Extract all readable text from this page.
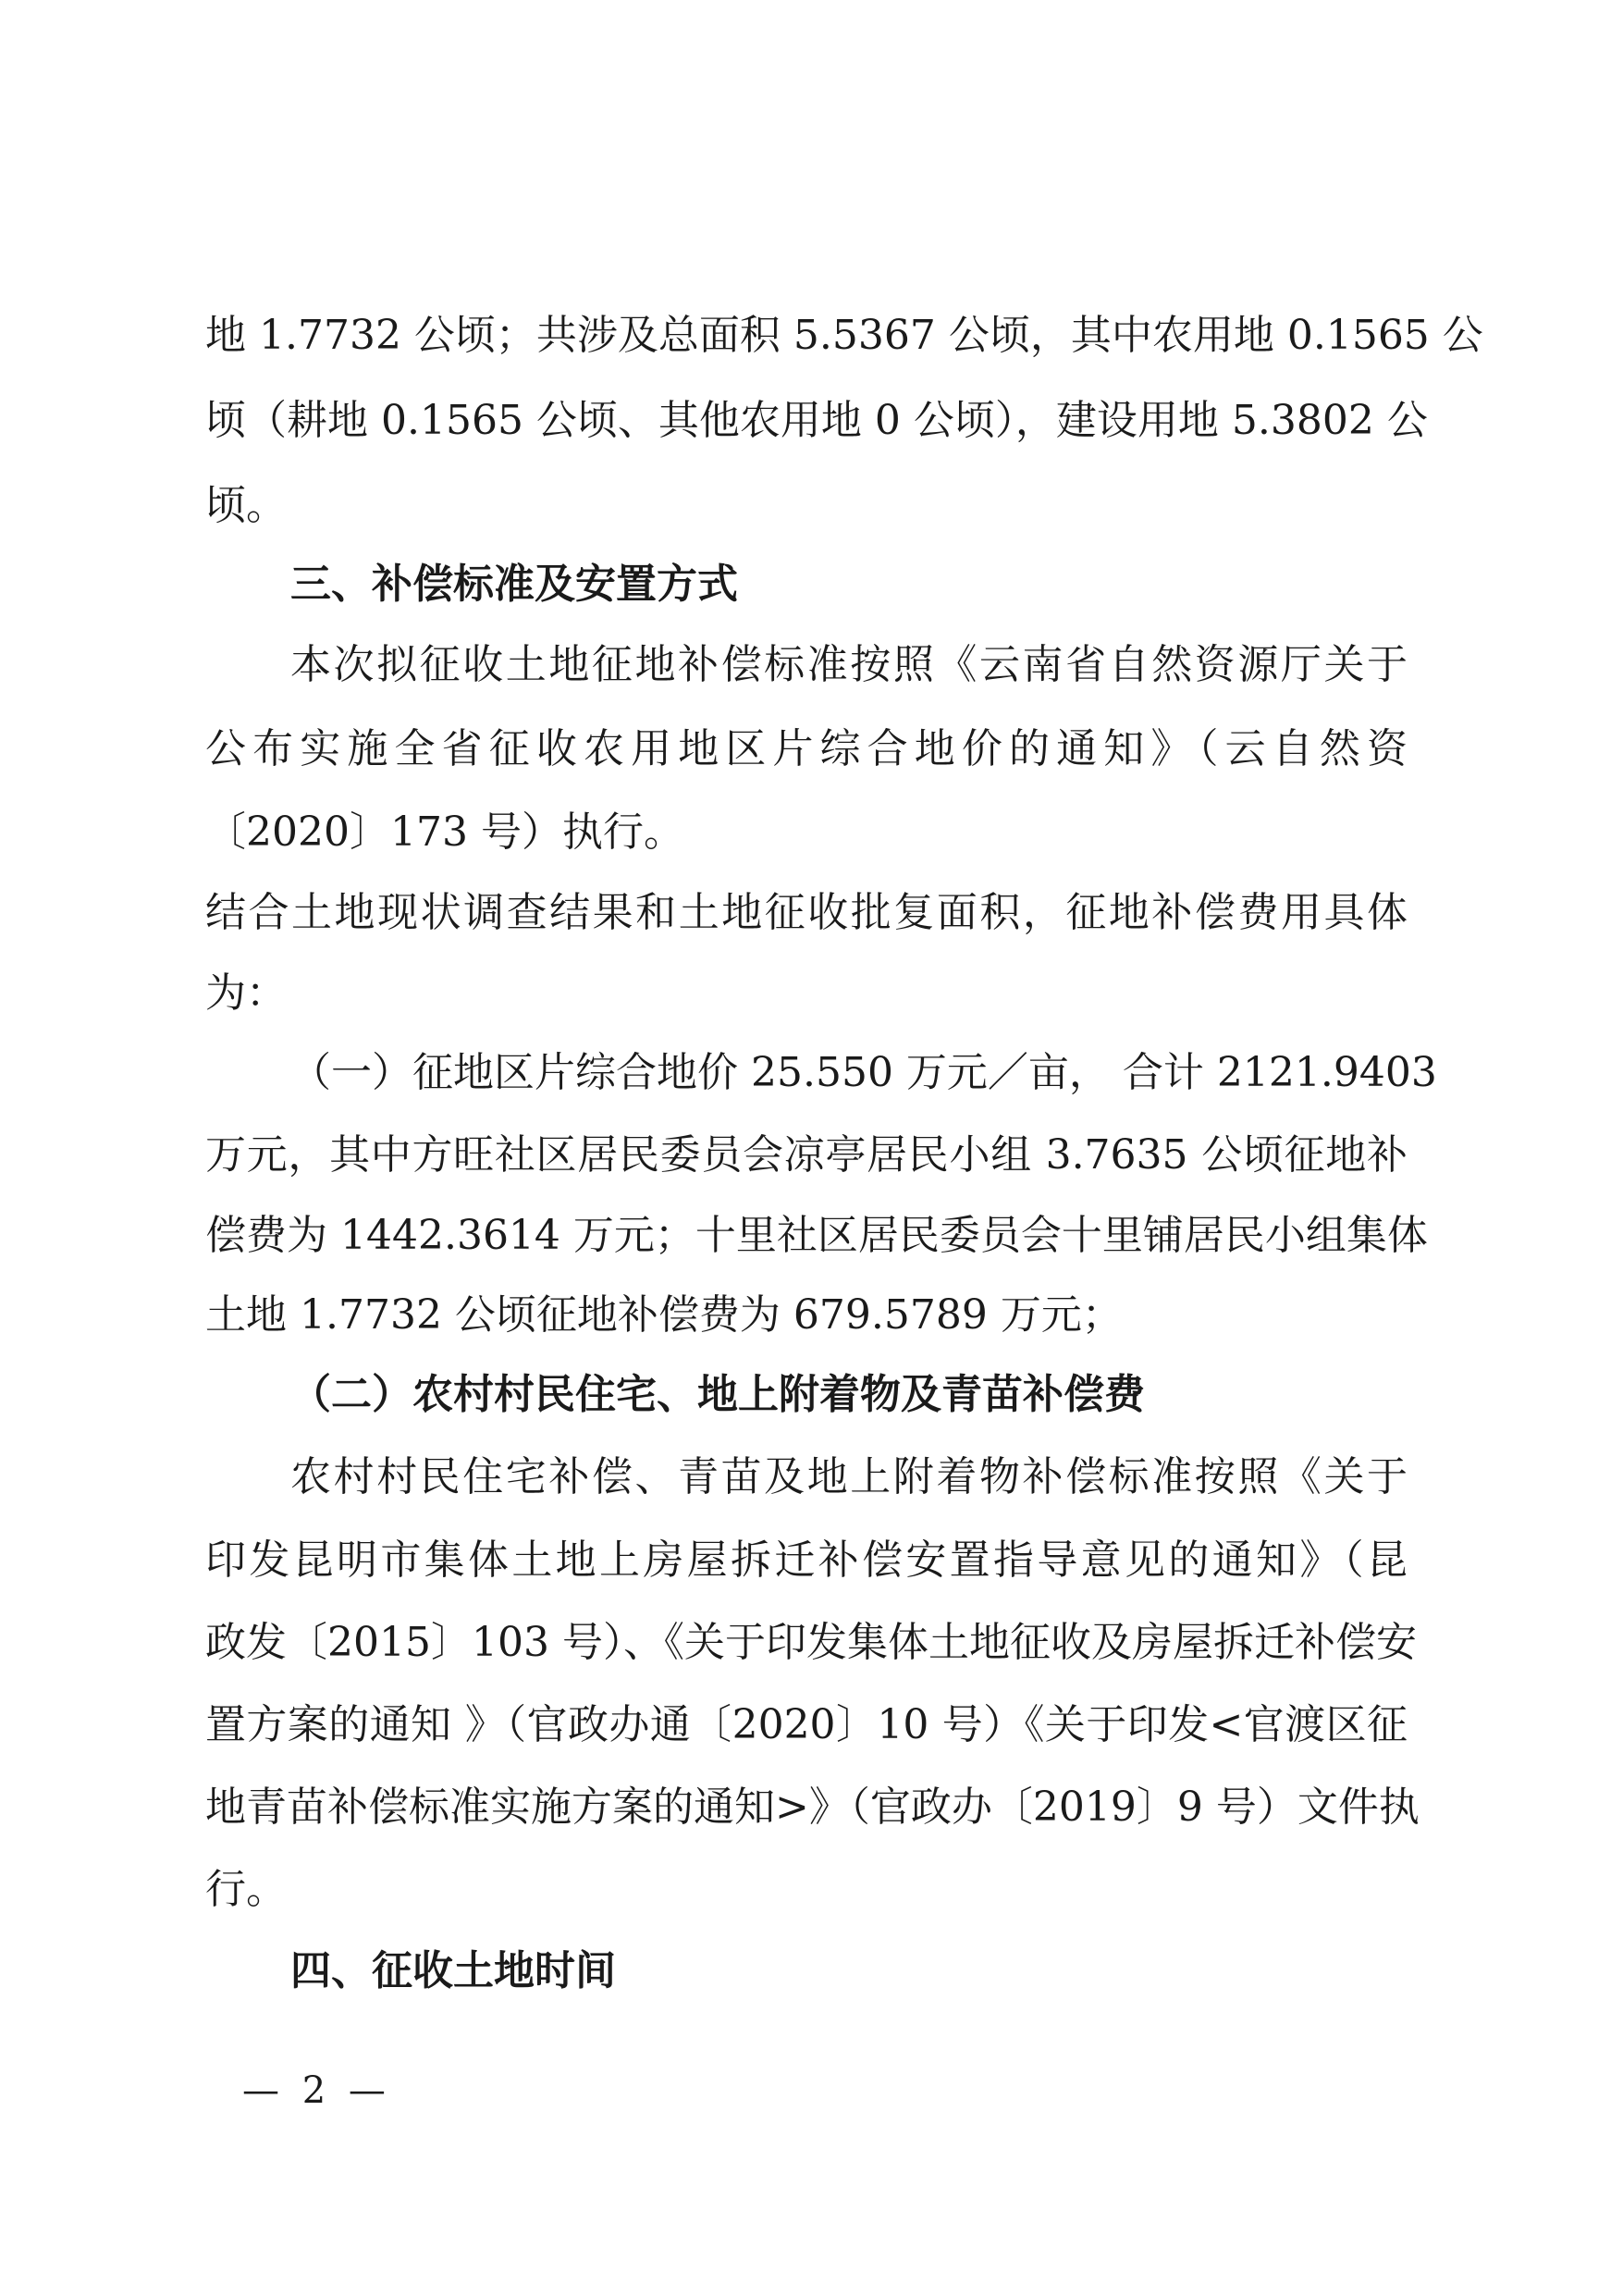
地 1.7732 公顷；共涉及总面积 5.5367 公顷，其中农用地 0.1565 公
顷（耕地 0.1565 公顷、其他农用地 0 公顷），建设用地 5.3802 公
顷。
三、补偿标准及安置方式
本次拟征收土地征地补偿标准按照《云南省自然资源厅关于
公布实施全省征收农用地区片综合地价的通知》（云自然资
〔2020〕173 号）执行。
结合土地现状调查结果和土地征收批复面积，征地补偿费用具体
为：
（一）征地区片综合地价 25.550 万元／亩， 合计 2121.9403
万元，其中方旺社区居民委员会凉亭居民小组 3.7635 公顷征地补
偿费为 1442.3614 万元；十里社区居民委员会十里铺居民小组集体
土地 1.7732 公顷征地补偿费为 679.5789 万元；
（二）农村村民住宅、地上附着物及青苗补偿费
农村村民住宅补偿、青苗及地上附着物补偿标准按照《关于
印发昆明市集体土地上房屋拆迁补偿安置指导意见的通知》（昆
政发〔2015〕103 号）、《关于印发集体土地征收及房屋拆迁补偿安
置方案的通知 》（官政办通〔2020〕10 号）《关于印发<官渡区征
地青苗补偿标准实施方案的通知>》（官政办〔2019〕9 号）文件执
行。
四、征收土地时间
— 2 —
